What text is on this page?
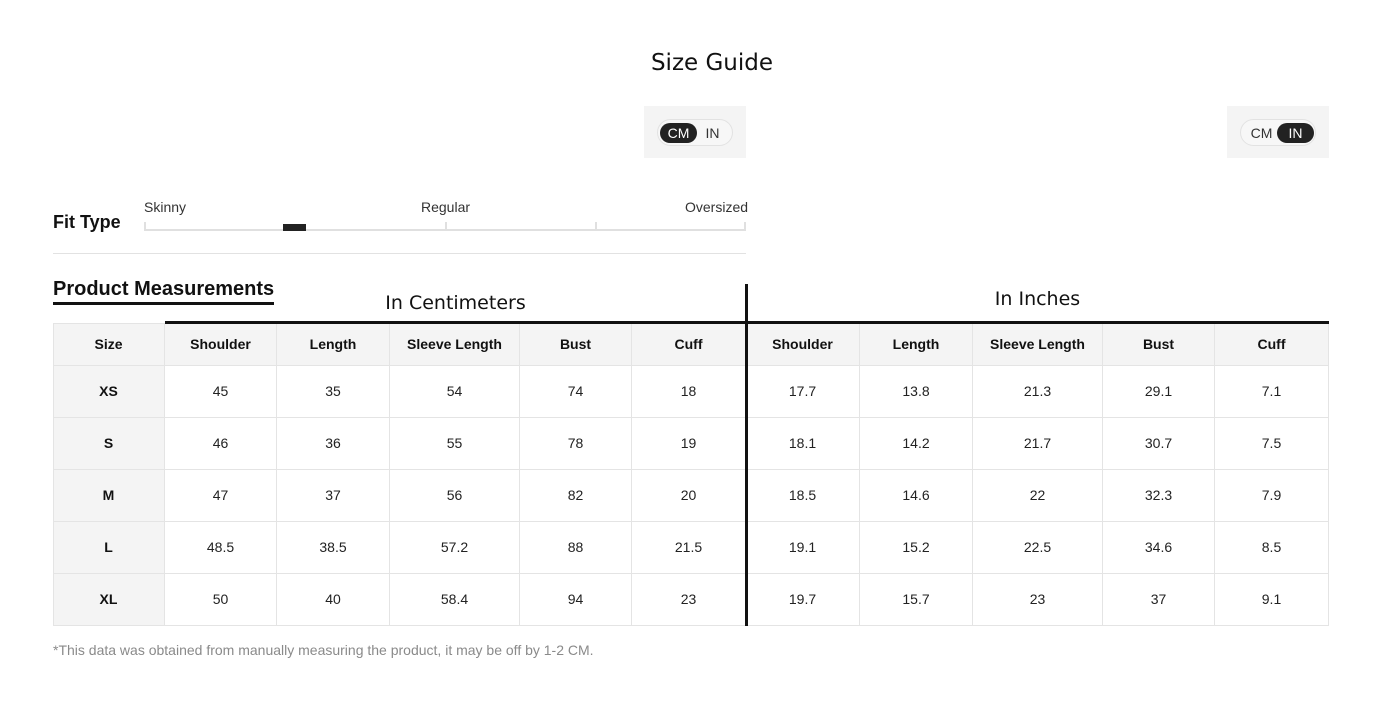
Size Guide
CM	IN	CM	IN
Fit Type
Skinny	Regular	Oversized
Product Measurements
In Centimeters	In Inches
Size	Shoulder	Length	Sleeve Length	Bust	Cuff	Shoulder	Length	Sleeve Length	Bust	Cuff
XS	45	35	54	74	18	17.7	13.8	21.3	29.1	7.1
S	46	36	55	78	19	18.1	14.2	21.7	30.7	7.5
M	47	37	56	82	20	18.5	14.6	22	32.3	7.9
L	48.5	38.5	57.2	88	21.5	19.1	15.2	22.5	34.6	8.5
XL	50	40	58.4	94	23	19.7	15.7	23	37	9.1
*This data was obtained from manually measuring the product, it may be off by 1-2 CM.
